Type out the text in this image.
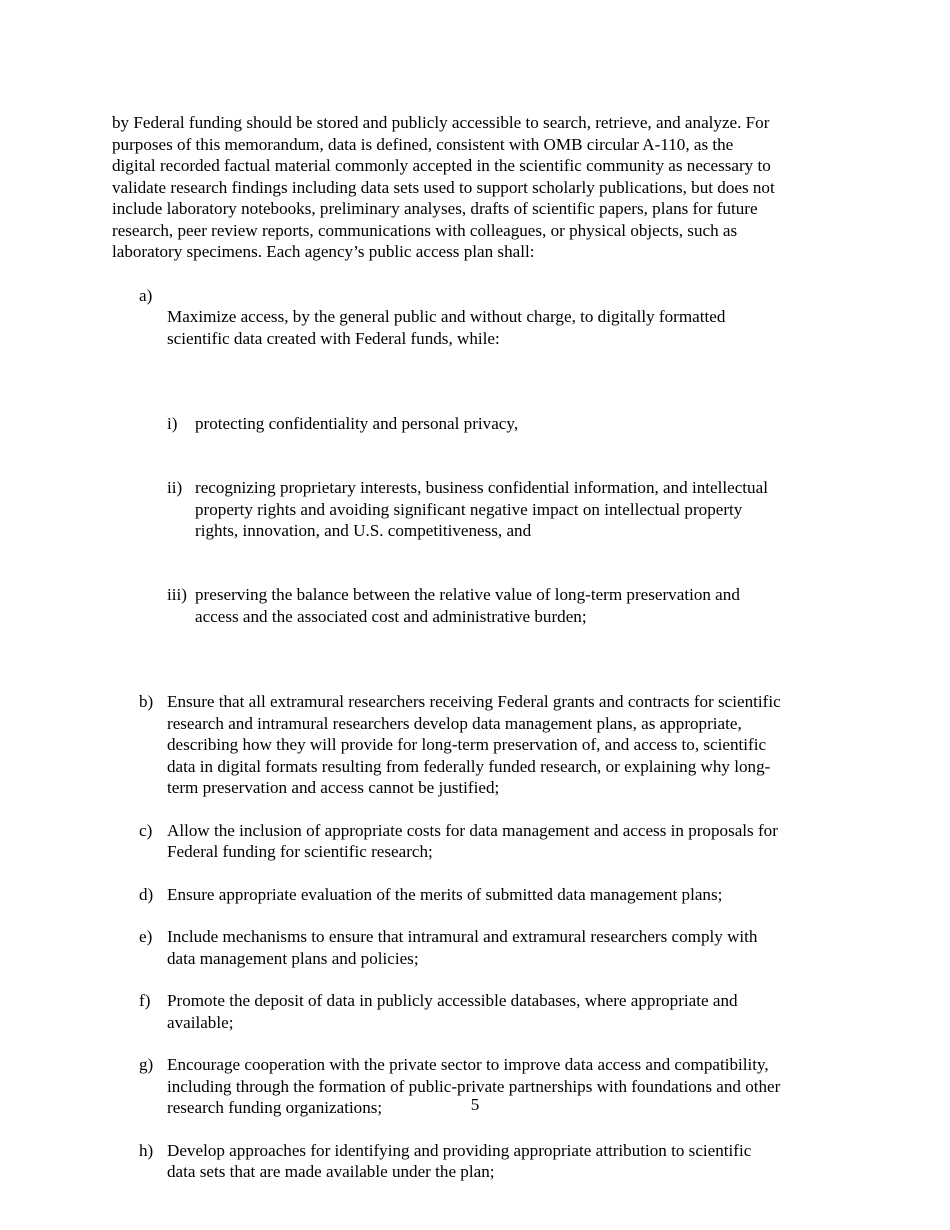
by Federal funding should be stored and publicly accessible to search, retrieve, and analyze. For
purposes of this memorandum, data is defined, consistent with OMB circular A-110, as the
digital recorded factual material commonly accepted in the scientific community as necessary to
validate research findings including data sets used to support scholarly publications, but does not
include laboratory notebooks, preliminary analyses, drafts of scientific papers, plans for future
research, peer review reports, communications with colleagues, or physical objects, such as
laboratory specimens. Each agency’s public access plan shall:

a)

Maximize access, by the general public and without charge, to digitally formatted
scientific data created with Federal funds, while:

i)	protecting confidentiality and personal privacy,

ii) recognizing proprietary interests, business confidential information, and intellectual
property rights and avoiding significant negative impact on intellectual property
rights, innovation, and U.S. competitiveness, and

iii) preserving the balance between the relative value of long-term preservation and
access and the associated cost and administrative burden;

b) Ensure that all extramural researchers receiving Federal grants and contracts for scientific
research and intramural researchers develop data management plans, as appropriate,
describing how they will provide for long-term preservation of, and access to, scientific
data in digital formats resulting from federally funded research, or explaining why long-
term preservation and access cannot be justified;
c) Allow the inclusion of appropriate costs for data management and access in proposals for
Federal funding for scientific research;
d) Ensure appropriate evaluation of the merits of submitted data management plans;
e) Include mechanisms to ensure that intramural and extramural researchers comply with
data management plans and policies;
f) Promote the deposit of data in publicly accessible databases, where appropriate and
available;
g) Encourage cooperation with the private sector to improve data access and compatibility,
including through the formation of public-private partnerships with foundations and other
research funding organizations;
h) Develop approaches for identifying and providing appropriate attribution to scientific
data sets that are made available under the plan;
5
